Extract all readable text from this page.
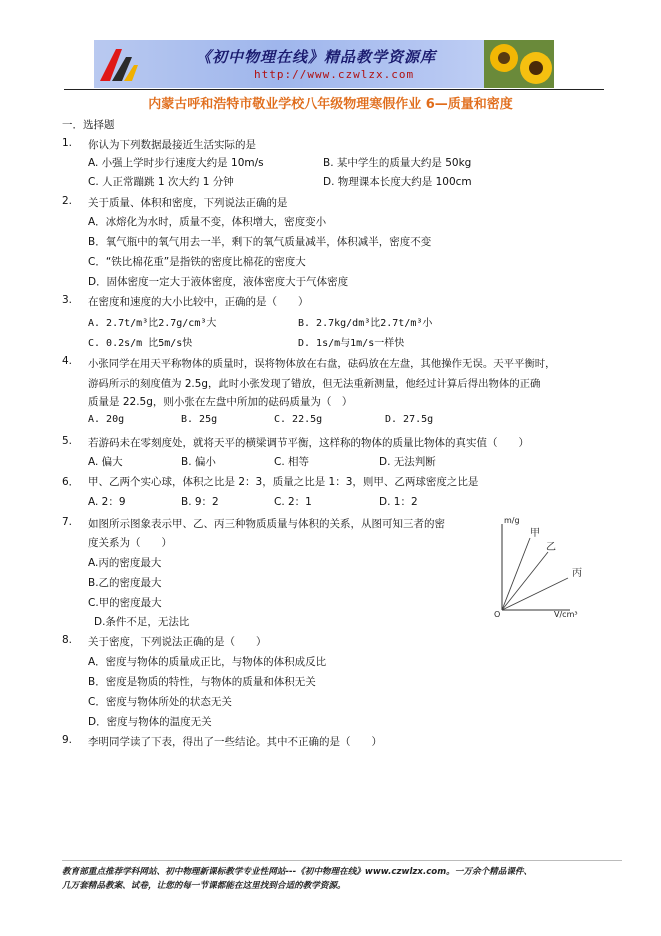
《初中物理在线》精品教学资源库
http://www.czwlzx.com
内蒙古呼和浩特市敬业学校八年级物理寒假作业 6—质量和密度
一．选择题
1. 你认为下列数据最接近生活实际的是
A. 小强上学时步行速度大约是 10m/s	B. 某中学生的质量大约是 50kg
C. 人正常蹦跳 1 次大约 1 分钟	D. 物理课本长度大约是 100cm
2. 关于质量、体积和密度，下列说法正确的是
A．冰熔化为水时，质量不变，体积增大，密度变小
B．氧气瓶中的氧气用去一半，剩下的氧气质量减半，体积减半，密度不变
C．“铁比棉花重”是指铁的密度比棉花的密度大
D．固体密度一定大于液体密度，液体密度大于气体密度
3. 在密度和速度的大小比较中，正确的是（　　）
A. 2.7t/m³比2.7g/cm³大	B. 2.7kg/dm³比2.7t/m³小
C. 0.2s/m 比5m/s快	D. 1s/m与1m/s一样快
4. 小张同学在用天平称物体的质量时，误将物体放在右盘，砝码放在左盘，其他操作无误。天平平衡时，
游码所示的刻度值为 2.5g，此时小张发现了错放，但无法重新测量，他经过计算后得出物体的正确
质量是 22.5g，则小张在左盘中所加的砝码质量为（　）
A. 20g	B. 25g	C. 22.5g	D. 27.5g
5. 若游码未在零刻度处，就将天平的横梁调节平衡，这样称的物体的质量比物体的真实值（　　）
A. 偏大	B. 偏小	C. 相等	D. 无法判断
6． 甲、乙两个实心球，体积之比是 2：3，质量之比是 1：3，则甲、乙两球密度之比是
A. 2：9	B. 9：2	C. 2：1	D. 1：2
7. 如图所示图象表示甲、乙、丙三种物质质量与体积的关系，从图可知三者的密
度关系为（　　）
A.丙的密度最大
B.乙的密度最大
C.甲的密度最大
D.条件不足，无法比
m/g
O	V/cm³
甲
乙
丙
8. 关于密度，下列说法正确的是（　　）
A．密度与物体的质量成正比，与物体的体积成反比
B．密度是物质的特性，与物体的质量和体积无关
C．密度与物体所处的状态无关
D．密度与物体的温度无关
9. 李明同学读了下表，得出了一些结论。其中不正确的是（　　）
教育部重点推荐学科网站、初中物理新课标教学专业性网站---《初中物理在线》www.czwlzx.com。一万余个精品课件、
几万套精品教案、试卷，让您的每一节课都能在这里找到合适的教学资源。
